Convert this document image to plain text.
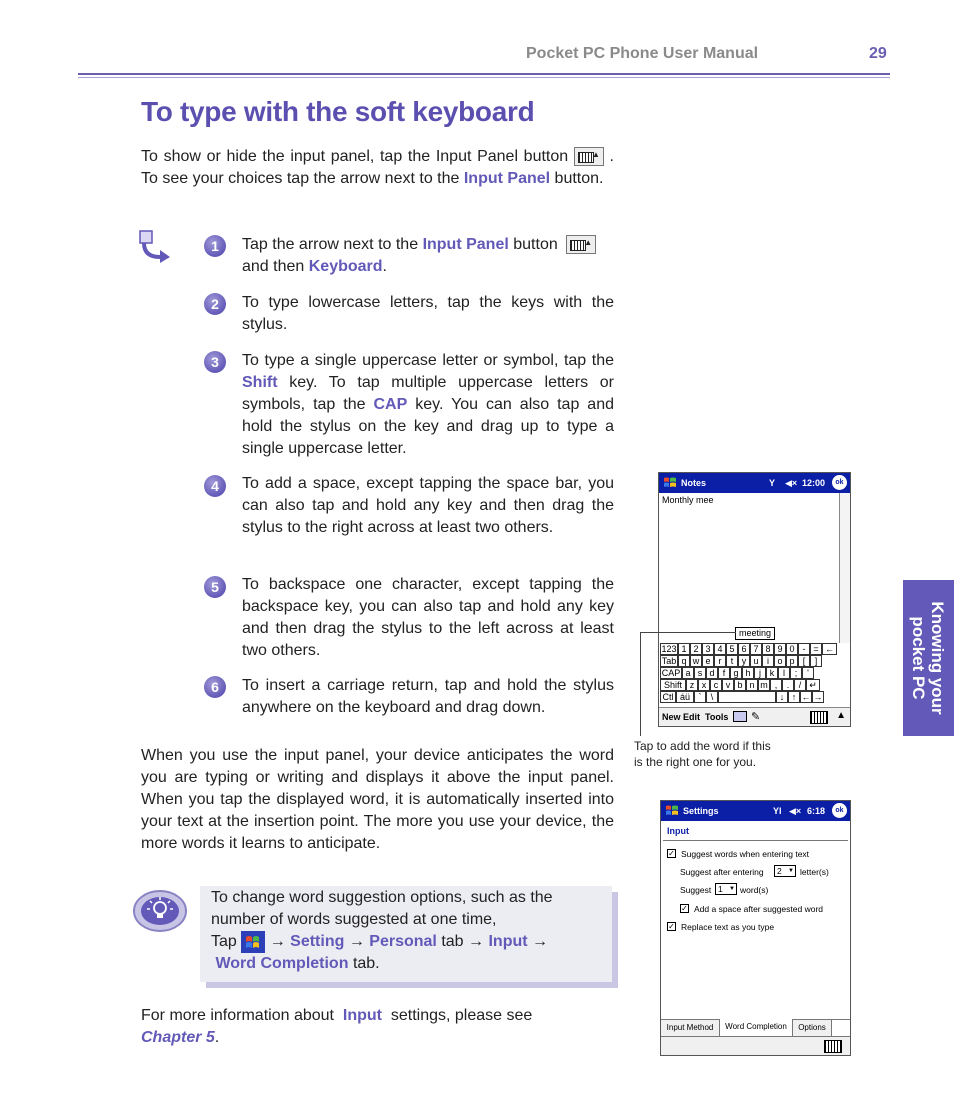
Pocket PC Phone User Manual	29
To type with the soft keyboard
To show or hide the input panel, tap the Input Panel button	▲ . To see your choices tap the arrow next to the Input Panel button.
1	Tap the arrow next to the Input Panel button	▲

and then Keyboard.
2	To type lowercase letters, tap the keys with the stylus.
3	To type a single uppercase letter or symbol, tap the Shift key. To tap multiple uppercase letters or symbols, tap the CAP key. You can also tap and hold the stylus on the key and drag up to type a single uppercase letter.
4	To add a space, except tapping the space bar, you can also tap and hold any key and then drag the stylus to the right across at least two others.
5	To backspace one character, except tapping the backspace key, you can also tap and hold any key and then drag the stylus to the left across at least two others.
6	To insert a carriage return, tap and hold the stylus anywhere on the keyboard and drag down.
When you use the input panel, your device anticipates the word you are typing or writing and displays it above the input panel. When you tap the displayed word, it is automatically inserted into your text at the insertion point. The more you use your device, the more words it learns to anticipate.
To change word suggestion options, such as the number of words suggested at one time,
Tap → Setting → Personal tab → Input →
Word Completion tab.
For more information about Input settings, please see
Chapter 5.
Knowing your
pocket PC
Notes	Υ ◀× 12:00	ok
Monthly mee
meeting
123 1 2 3 4 5 6 7 8 9 0 - = ←
Tab q w e r	t y u i o p [	]
CAP a s d f g h j k l	;	'
Shift z x c v b n m ,	.	/ ↵
Ctl áü `	\	↓ ↑ ← →
New Edit Tools ✎	▲
Tap to add the word if this
is the right one for you.
Settings	Υl ◀× 6:18	ok
Input
✓ Suggest words when entering text
Suggest after entering	2 ▼ letter(s)
Suggest 1 ▼ word(s)
✓ Add a space after suggested word
✓ Replace text as you type
Input Method	Word Completion	Options
